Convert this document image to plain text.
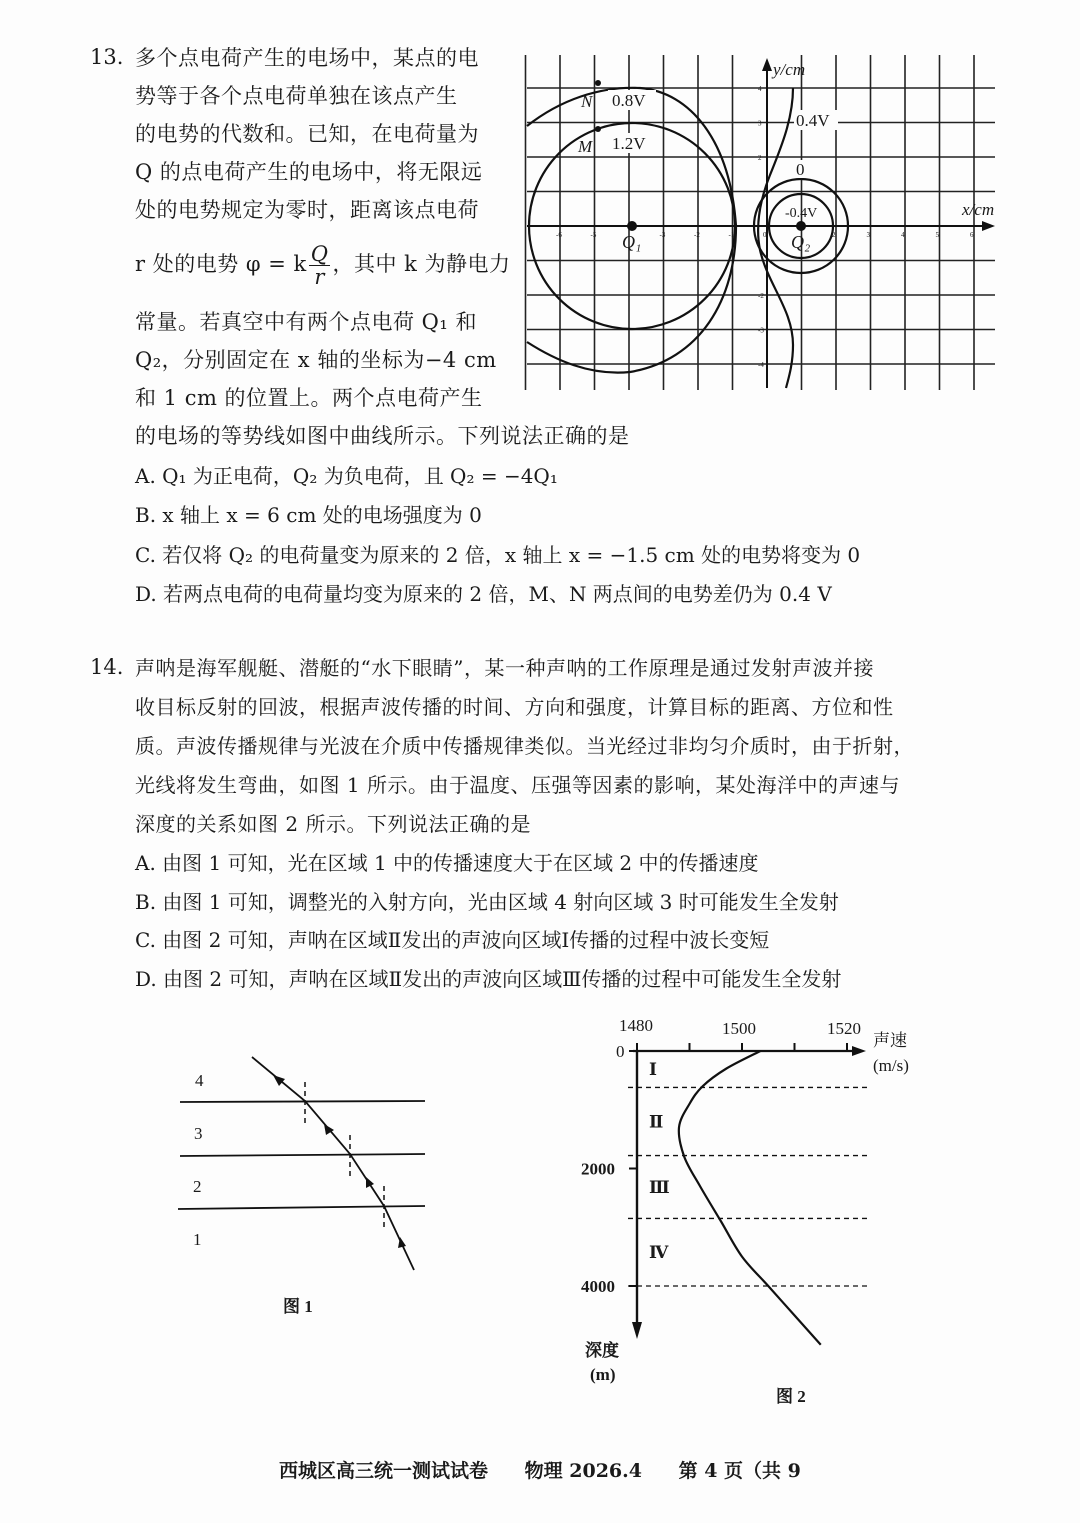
13. 多个点电荷产生的电场中，某点的电
势等于各个点电荷单独在该点产生
的电势的代数和。已知，在电荷量为
Q 的点电荷产生的电场中，将无限远
处的电势规定为零时，距离该点电荷
r 处的电势 φ = k $\frac{Q}{r}$ ，其中 k 为静电力
常量。若真空中有两个点电荷 Q₁ 和
Q₂，分别固定在 x 轴的坐标为−4 cm
和 1 cm 的位置上。两个点电荷产生
的电场的等势线如图中曲线所示。下列说法正确的是
A. Q₁ 为正电荷，Q₂ 为负电荷，且 Q₂ = −4Q₁
B. x 轴上 x = 6 cm 处的电场强度为 0
C. 若仅将 Q₂ 的电荷量变为原来的 2 倍，x 轴上 x = −1.5 cm 处的电势将变为 0
D. 若两点电荷的电荷量均变为原来的 2 倍，M、N 两点间的电势差仍为 0.4 V
x/cm
y/cm
-6	-5	-3	-2	-1	0	2	3	4	5	6
4
3
2
-2
-3
-4
Q₁	Q₂
N
M
0.8V
1.2V
0.4V
0
-0.4V
14. 声呐是海军舰艇、潜艇的“水下眼睛”，某一种声呐的工作原理是通过发射声波并接
收目标反射的回波，根据声波传播的时间、方向和强度，计算目标的距离、方位和性
质。声波传播规律与光波在介质中传播规律类似。当光经过非均匀介质时，由于折射，
光线将发生弯曲，如图 1 所示。由于温度、压强等因素的影响，某处海洋中的声速与
深度的关系如图 2 所示。下列说法正确的是
A. 由图 1 可知，光在区域 1 中的传播速度大于在区域 2 中的传播速度
B. 由图 1 可知，调整光的入射方向，光由区域 4 射向区域 3 时可能发生全发射
C. 由图 2 可知，声呐在区域Ⅱ发出的声波向区域Ⅰ传播的过程中波长变短
D. 由图 2 可知，声呐在区域Ⅱ发出的声波向区域Ⅲ传播的过程中可能发生全发射
4
3
2
1
图 1
1480	1500	1520
0
2000
4000
声速
(m/s)
深度
(m)
Ⅰ
Ⅱ
Ⅲ
Ⅳ
图 2
西城区高三统一测试试卷 物理 2026.4 第 4 页（共 9
